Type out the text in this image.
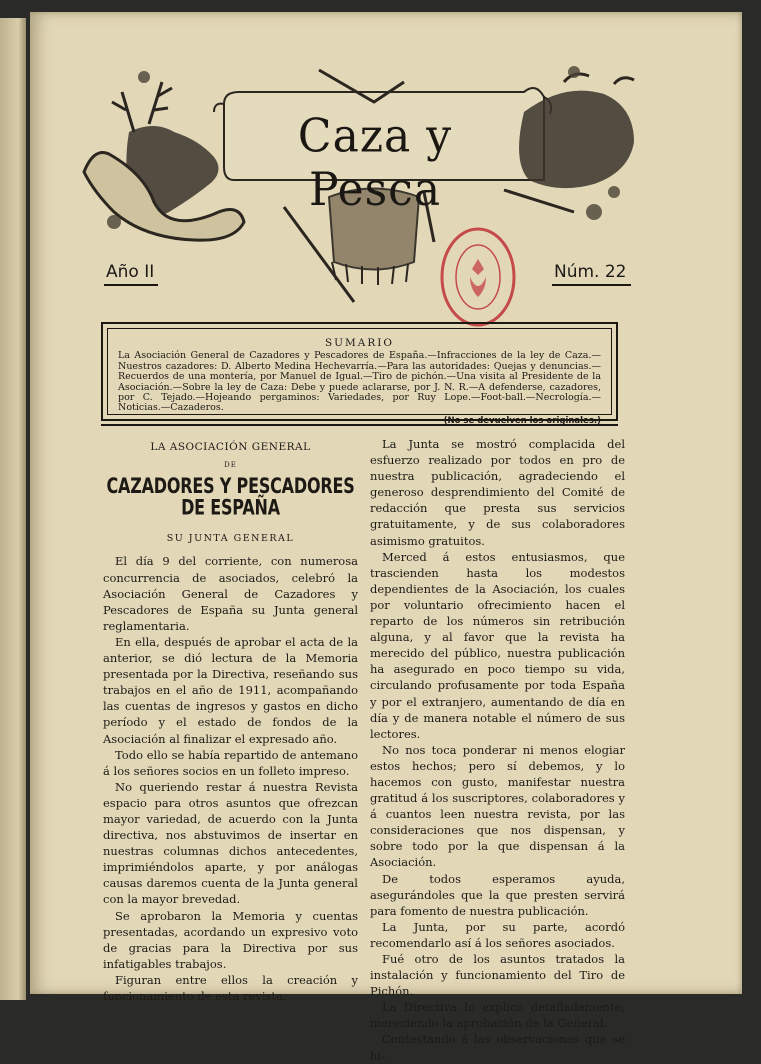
Caza y Pesca
Año II	Núm. 22
SUMARIO
La Asociación General de Cazadores y Pescadores de España.—Infracciones de la ley de Caza.—Nuestros cazadores: D. Alberto Medina Hechevarría.—Para las autoridades: Quejas y denuncias.—Recuerdos de una montería, por Manuel de Igual.—Tiro de pichón.—Una visita al Presidente de la Asociación.—Sobre la ley de Caza: Debe y puede aclararse, por J. N. R.—A defenderse, cazadores, por C. Tejado.—Hojeando pergaminos: Variedades, por Ruy Lope.—Foot-ball.—Necrología.—Noticias.—Cazaderos.
(No se devuelven los originales.)
LA ASOCIACIÓN GENERAL
DE
CAZADORES Y PESCADORES DE ESPAÑA
SU JUNTA GENERAL

El día 9 del corriente, con numerosa concurrencia de asociados, celebró la Asociación General de Cazadores y Pescadores de España su Junta general reglamentaria.

En ella, después de aprobar el acta de la anterior, se dió lectura de la Memoria presentada por la Directiva, reseñando sus trabajos en el año de 1911, acompañando las cuentas de ingresos y gastos en dicho período y el estado de fondos de la Asociación al finalizar el expresado año.

Todo ello se había repartido de antemano á los señores socios en un folleto impreso.

No queriendo restar á nuestra Revista espacio para otros asuntos que ofrezcan mayor variedad, de acuerdo con la Junta directiva, nos abstuvimos de insertar en nuestras columnas dichos antecedentes, imprimiéndolos aparte, y por análogas causas daremos cuenta de la Junta general con la mayor brevedad.

Se aprobaron la Memoria y cuentas presentadas, acordando un expresivo voto de gracias para la Directiva por sus infatigables trabajos.

Figuran entre ellos la creación y funcionamiento de esta revista.

La Junta se mostró complacida del esfuerzo realizado por todos en pro de nuestra publicación, agradeciendo el generoso desprendimiento del Comité de redacción que presta sus servicios gratuitamente, y de sus colaboradores asimismo gratuitos.

Merced á estos entusiasmos, que trascienden hasta los modestos dependientes de la Asociación, los cuales por voluntario ofrecimiento hacen el reparto de los números sin retribución alguna, y al favor que la revista ha merecido del público, nuestra publicación ha asegurado en poco tiempo su vida, circulando profusamente por toda España y por el extranjero, aumentando de día en día y de manera notable el número de sus lectores.

No nos toca ponderar ni menos elogiar estos hechos; pero sí debemos, y lo hacemos con gusto, manifestar nuestra gratitud á los suscriptores, colaboradores y á cuantos leen nuestra revista, por las consideraciones que nos dispensan, y sobre todo por la que dispensan á la Asociación.

De todos esperamos ayuda, asegurándoles que la que presten servirá para fomento de nuestra publicación.

La Junta, por su parte, acordó recomendarlo así á los señores asociados.

Fué otro de los asuntos tratados la instalación y funcionamiento del Tiro de Pichón.

La Directiva lo explicó detalladamente, mereciendo la aprobación de la General.

Contestando á las observaciones que se hi-
